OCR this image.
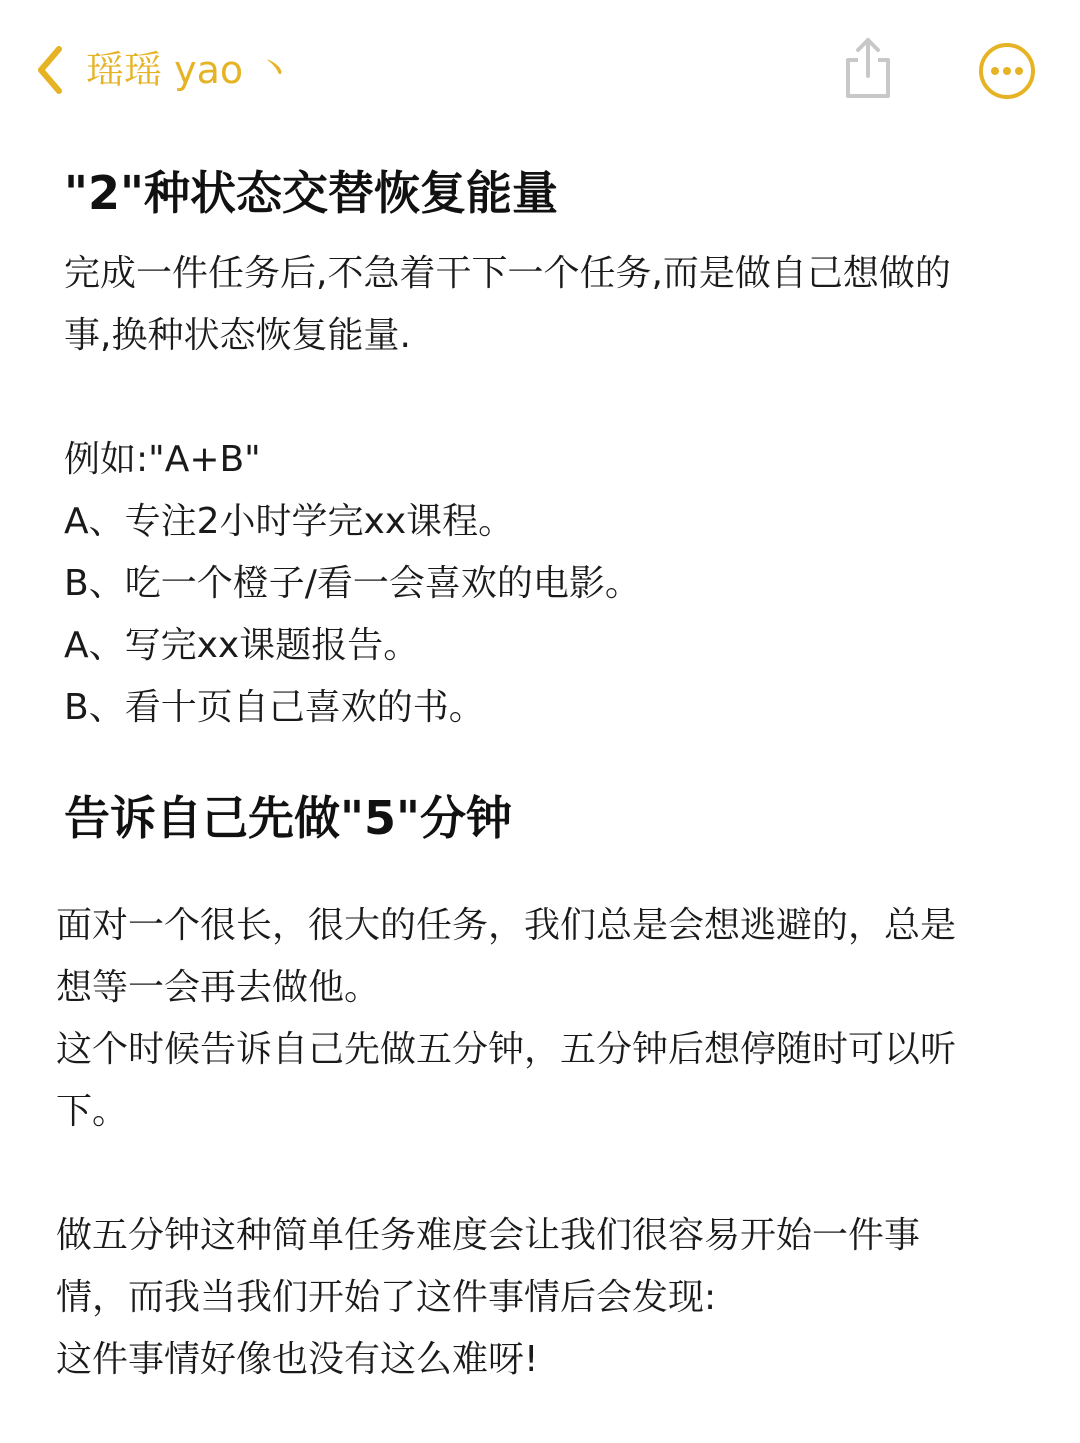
瑶瑶 yao 丶
"2"种状态交替恢复能量
完成一件任务后,不急着干下一个任务,而是做自己想做的
事,换种状态恢复能量.
例如:"A+B"
A、专注2小时学完xx课程。
B、吃一个橙子/看一会喜欢的电影。
A、写完xx课题报告。
B、看十页自己喜欢的书。
告诉自己先做"5"分钟
面对一个很长，很大的任务，我们总是会想逃避的，总是
想等一会再去做他。
这个时候告诉自己先做五分钟，五分钟后想停随时可以听
下。
做五分钟这种简单任务难度会让我们很容易开始一件事
情，而我当我们开始了这件事情后会发现:
这件事情好像也没有这么难呀!
